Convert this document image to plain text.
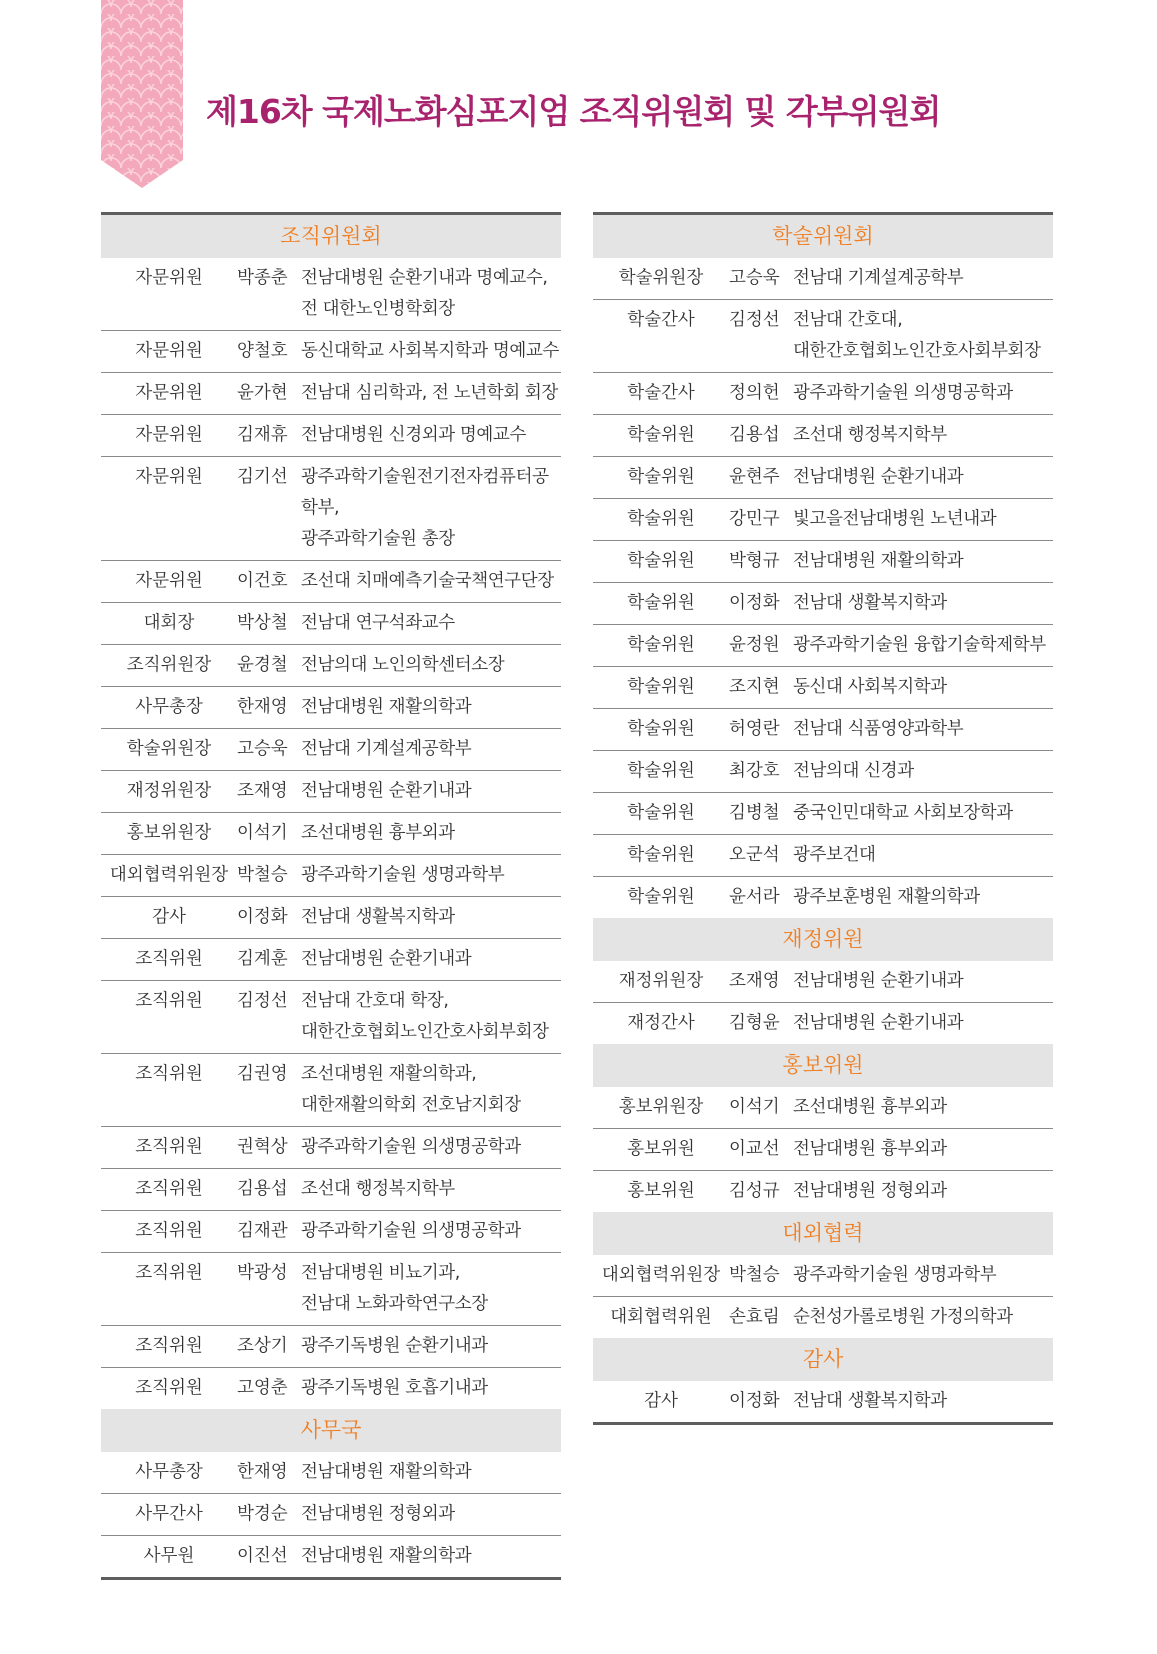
제16차 국제노화심포지엄 조직위원회 및 각부위원회
조직위원회
자문위원	박종춘 전남대병원 순환기내과 명예교수,
전 대한노인병학회장
자문위원	양철호 동신대학교 사회복지학과 명예교수
자문위원	윤가현 전남대 심리학과, 전 노년학회 회장
자문위원	김재휴 전남대병원 신경외과 명예교수
자문위원	김기선 광주과학기술원전기전자컴퓨터공학부,
광주과학기술원 총장
자문위원	이건호 조선대 치매예측기술국책연구단장
대회장	박상철 전남대 연구석좌교수
조직위원장	윤경철 전남의대 노인의학센터소장
사무총장	한재영 전남대병원 재활의학과
학술위원장	고승욱 전남대 기계설계공학부
재정위원장	조재영 전남대병원 순환기내과
홍보위원장	이석기 조선대병원 흉부외과
대외협력위원장 박철승 광주과학기술원 생명과학부
감사	이정화 전남대 생활복지학과
조직위원	김계훈 전남대병원 순환기내과
조직위원	김정선 전남대 간호대 학장,
대한간호협회노인간호사회부회장
조직위원	김권영 조선대병원 재활의학과,
대한재활의학회 전호남지회장
조직위원	권혁상 광주과학기술원 의생명공학과
조직위원	김용섭 조선대 행정복지학부
조직위원	김재관 광주과학기술원 의생명공학과
조직위원	박광성 전남대병원 비뇨기과,
전남대 노화과학연구소장
조직위원	조상기 광주기독병원 순환기내과
조직위원	고영춘 광주기독병원 호흡기내과
사무국
사무총장	한재영 전남대병원 재활의학과
사무간사	박경순 전남대병원 정형외과
사무원	이진선 전남대병원 재활의학과
학술위원회
학술위원장	고승욱 전남대 기계설계공학부
학술간사	김정선 전남대 간호대,
대한간호협회노인간호사회부회장
학술간사	정의헌 광주과학기술원 의생명공학과
학술위원	김용섭 조선대 행정복지학부
학술위원	윤현주 전남대병원 순환기내과
학술위원	강민구 빛고을전남대병원 노년내과
학술위원	박형규 전남대병원 재활의학과
학술위원	이정화 전남대 생활복지학과
학술위원	윤정원 광주과학기술원 융합기술학제학부
학술위원	조지현 동신대 사회복지학과
학술위원	허영란 전남대 식품영양과학부
학술위원	최강호 전남의대 신경과
학술위원	김병철 중국인민대학교 사회보장학과
학술위원	오군석 광주보건대
학술위원	윤서라 광주보훈병원 재활의학과
재정위원
재정위원장	조재영 전남대병원 순환기내과
재정간사	김형윤 전남대병원 순환기내과
홍보위원
홍보위원장	이석기 조선대병원 흉부외과
홍보위원	이교선 전남대병원 흉부외과
홍보위원	김성규 전남대병원 정형외과
대외협력
대외협력위원장 박철승 광주과학기술원 생명과학부
대회협력위원 손효림 순천성가롤로병원 가정의학과
감사
감사	이정화 전남대 생활복지학과
